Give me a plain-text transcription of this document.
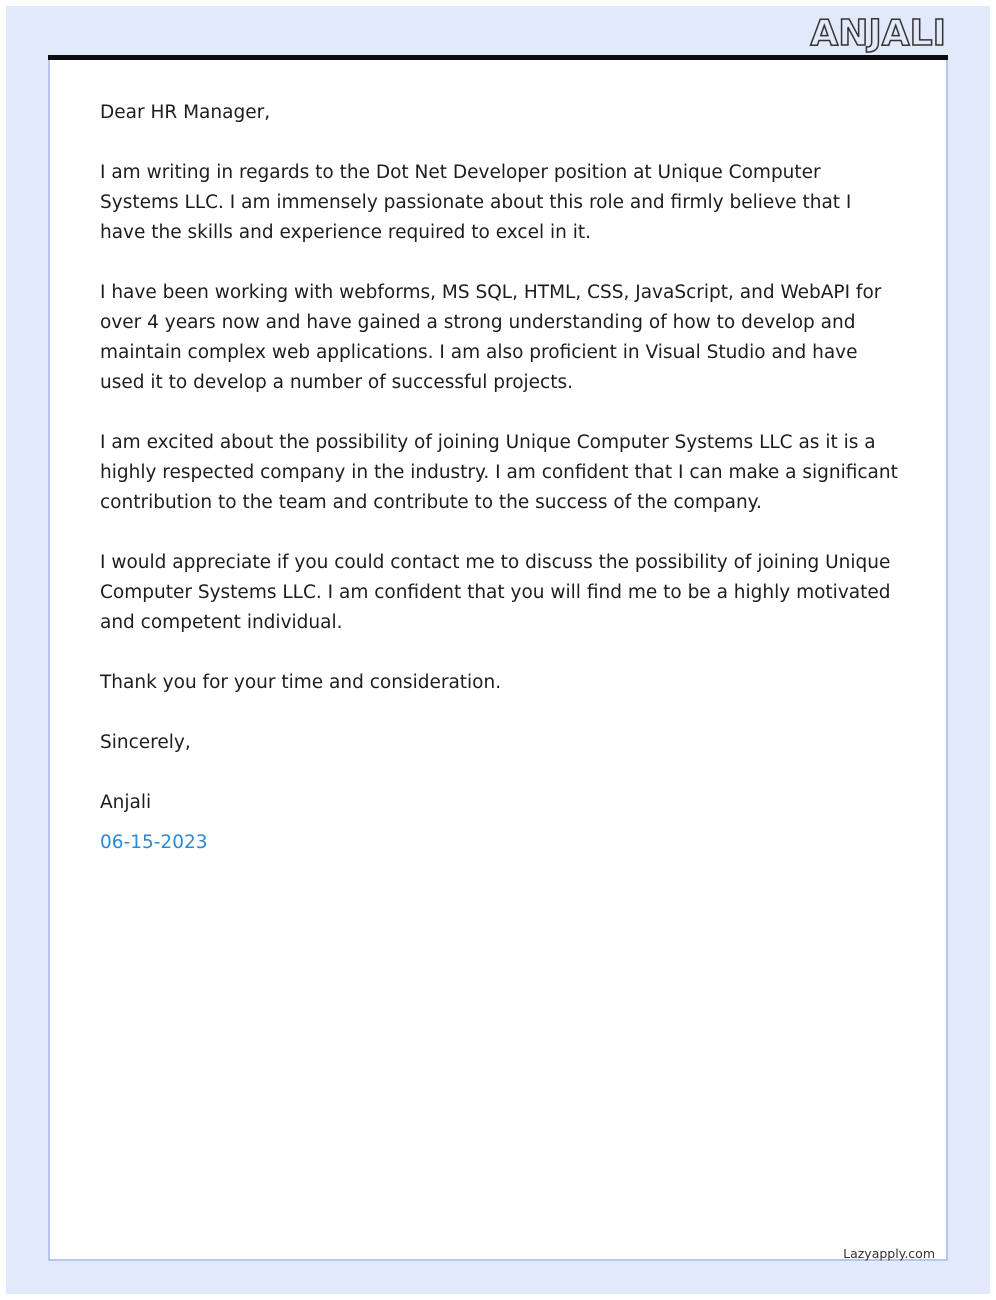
ANJALI

Dear HR Manager,

I am writing in regards to the Dot Net Developer position at Unique Computer Systems LLC. I am immensely passionate about this role and firmly believe that I have the skills and experience required to excel in it.

I have been working with webforms, MS SQL, HTML, CSS, JavaScript, and WebAPI for over 4 years now and have gained a strong understanding of how to develop and maintain complex web applications. I am also proficient in Visual Studio and have used it to develop a number of successful projects.

I am excited about the possibility of joining Unique Computer Systems LLC as it is a highly respected company in the industry. I am confident that I can make a significant contribution to the team and contribute to the success of the company.

I would appreciate if you could contact me to discuss the possibility of joining Unique Computer Systems LLC. I am confident that you will find me to be a highly motivated and competent individual.

Thank you for your time and consideration.

Sincerely,

Anjali

06-15-2023

Lazyapply.com
